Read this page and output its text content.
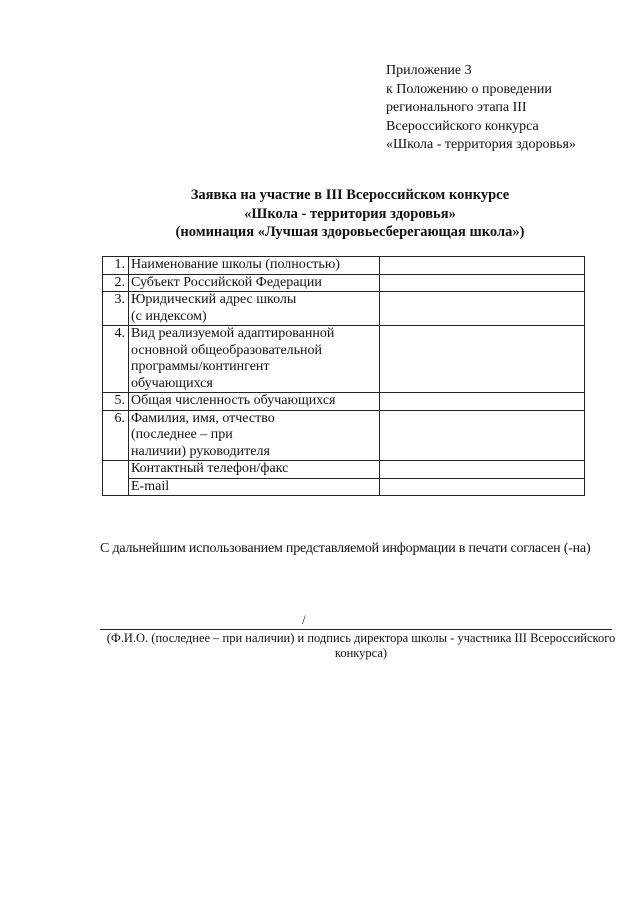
Приложение 3
к Положению о проведении
регионального этапа III
Всероссийского конкурса
«Школа - территория здоровья»
Заявка на участие в III Всероссийском конкурсе
«Школа - территория здоровья»
(номинация «Лучшая здоровьесберегающая школа»)
1.	Наименование школы (полностью)	

2.	Субъект Российской Федерации	

3.	Юридический адрес школы
(с индексом)	

4.	Вид реализуемой адаптированной
основной общеобразовательной
программы/контингент
обучающихся	

5.	Общая численность обучающихся	

6.	Фамилия, имя, отчество
(последнее – при
наличии) руководителя	

	Контактный телефон/факс	

	E-mail	

С дальнейшим использованием представляемой информации в печати согласен (-на)
/
(Ф.И.О. (последнее – при наличии) и подпись директора школы - участника III Всероссийского
конкурса)
